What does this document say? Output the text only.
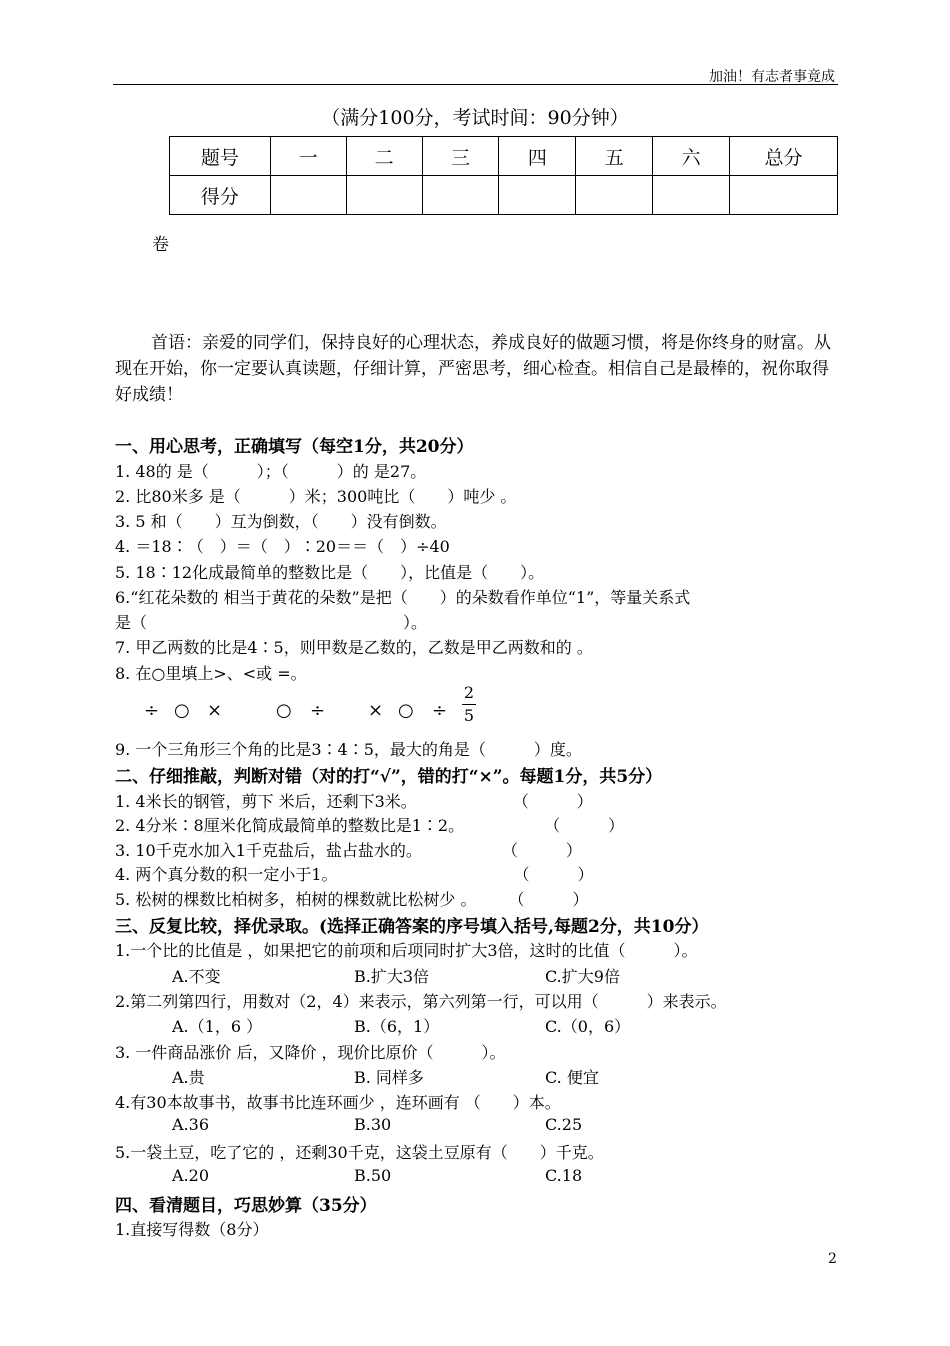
加油！有志者事竟成
（满分100分，考试时间：90分钟）
题号	一	二	三	四	五	六	总分
得分							
卷
首语：亲爱的同学们，保持良好的心理状态，养成良好的做题习惯，将是你终身的财富。从现在开始，你一定要认真读题，仔细计算，严密思考，细心检查。相信自己是最棒的，祝你取得好成绩！
一、用心思考，正确填写（每空1分，共20分）
1. 48的 是（　　　）；（　　　）的 是27。
2. 比80米多 是（　　　）米；300吨比（　　）吨少 。
3. 5 和（　　）互为倒数，（　　）没有倒数。
4. ＝18∶（　）＝（　）∶20＝＝（　）÷40
5. 18∶12化成最简单的整数比是（　　），比值是（　　）。
6.“红花朵数的 相当于黄花的朵数”是把（　　）的朵数看作单位“1”，等量关系式
是（　　　　　　　　　　　　　　　　）。
7. 甲乙两数的比是4∶5，则甲数是乙数的，乙数是甲乙两数和的 。
8. 在○里填上>、<或 =。
÷ ○ ×	○ ÷ × ○ ÷
2
5
9. 一个三角形三个角的比是3∶4∶5，最大的角是（　　　）度。
二、仔细推敲，判断对错（对的打“√”，错的打“×”。每题1分，共5分）
1. 4米长的钢管，剪下 米后，还剩下3米。　　　　　　　（　　　）
2. 4分米∶8厘米化简成最简单的整数比是1∶2。　　　　　　（　　　）
3. 10千克水加入1千克盐后，盐占盐水的。　　　　　　（　　　）
4. 两个真分数的积一定小于1。　　　　　　　　　　　　（　　　）
5. 松树的棵数比柏树多，柏树的棵数就比松树少 。　　　（　　　）
三、反复比较，择优录取。(选择正确答案的序号填入括号,每题2分，共10分）
1.一个比的比值是 ，如果把它的前项和后项同时扩大3倍，这时的比值（　　　）。
A.不变	B.扩大3倍	C.扩大9倍
2.第二列第四行，用数对（2，4）来表示，第六列第一行，可以用（　　　）来表示。
A.（1，6 ）	B.（6，1）	C.（0，6）
3. 一件商品涨价 后，又降价 ，现价比原价（　　　）。
A.贵	B. 同样多	C. 便宜
4.有30本故事书，故事书比连环画少 ，连环画有 （　　）本。
A.36	B.30	C.25
5.一袋土豆，吃了它的 ，还剩30千克，这袋土豆原有（　　）千克。
A.20	B.50	C.18
四、看清题目，巧思妙算（35分）
1.直接写得数（8分）
2
